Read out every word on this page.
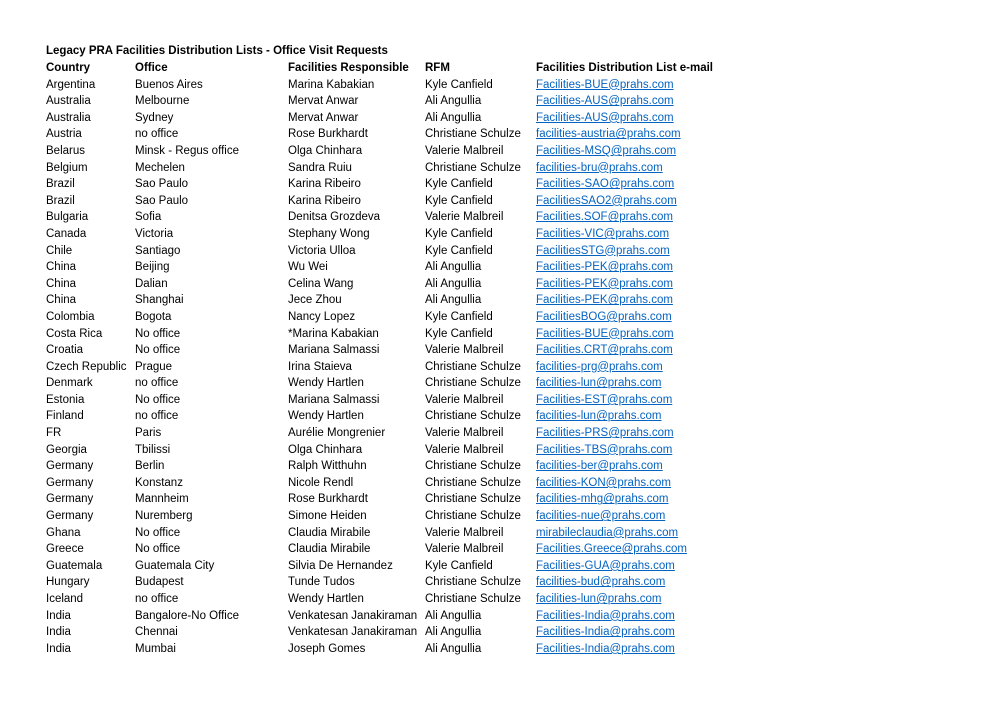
Legacy PRA Facilities Distribution Lists - Office Visit Requests
Country	Office	Facilities Responsible	RFM	Facilities Distribution List e-mail
Argentina	Buenos Aires	Marina Kabakian	Kyle Canfield	Facilities-BUE@prahs.com
Australia	Melbourne	Mervat Anwar	Ali Angullia	Facilities-AUS@prahs.com
Australia	Sydney	Mervat Anwar	Ali Angullia	Facilities-AUS@prahs.com
Austria	no office	Rose Burkhardt	Christiane Schulze	facilities-austria@prahs.com
Belarus	Minsk - Regus office	Olga Chinhara	Valerie Malbreil	Facilities-MSQ@prahs.com
Belgium	Mechelen	Sandra Ruiu	Christiane Schulze	facilities-bru@prahs.com
Brazil	Sao Paulo	Karina Ribeiro	Kyle Canfield	Facilities-SAO@prahs.com
Brazil	Sao Paulo	Karina Ribeiro	Kyle Canfield	FacilitiesSAO2@prahs.com
Bulgaria	Sofia	Denitsa Grozdeva	Valerie Malbreil	Facilities.SOF@prahs.com
Canada	Victoria	Stephany Wong	Kyle Canfield	Facilities-VIC@prahs.com
Chile	Santiago	Victoria Ulloa	Kyle Canfield	FacilitiesSTG@prahs.com
China	Beijing	Wu Wei	Ali Angullia	Facilities-PEK@prahs.com
China	Dalian	Celina Wang	Ali Angullia	Facilities-PEK@prahs.com
China	Shanghai	Jece Zhou	Ali Angullia	Facilities-PEK@prahs.com
Colombia	Bogota	Nancy Lopez	Kyle Canfield	FacilitiesBOG@prahs.com
Costa Rica	No office	*Marina Kabakian	Kyle Canfield	Facilities-BUE@prahs.com
Croatia	No office	Mariana Salmassi	Valerie Malbreil	Facilities.CRT@prahs.com
Czech Republic	Prague	Irina Staieva	Christiane Schulze	facilities-prg@prahs.com
Denmark	no office	Wendy Hartlen	Christiane Schulze	facilities-lun@prahs.com
Estonia	No office	Mariana Salmassi	Valerie Malbreil	Facilities-EST@prahs.com
Finland	no office	Wendy Hartlen	Christiane Schulze	facilities-lun@prahs.com
FR	Paris	Aurélie Mongrenier	Valerie Malbreil	Facilities-PRS@prahs.com
Georgia	Tbilissi	Olga Chinhara	Valerie Malbreil	Facilities-TBS@prahs.com
Germany	Berlin	Ralph Witthuhn	Christiane Schulze	facilities-ber@prahs.com
Germany	Konstanz	Nicole Rendl	Christiane Schulze	facilities-KON@prahs.com
Germany	Mannheim	Rose Burkhardt	Christiane Schulze	facilities-mhg@prahs.com
Germany	Nuremberg	Simone Heiden	Christiane Schulze	facilities-nue@prahs.com
Ghana	No office	Claudia Mirabile	Valerie Malbreil	mirabileclaudia@prahs.com
Greece	No office	Claudia Mirabile	Valerie Malbreil	Facilities.Greece@prahs.com
Guatemala	Guatemala City	Silvia De Hernandez	Kyle Canfield	Facilities-GUA@prahs.com
Hungary	Budapest	Tunde Tudos	Christiane Schulze	facilities-bud@prahs.com
Iceland	no office	Wendy Hartlen	Christiane Schulze	facilities-lun@prahs.com
India	Bangalore-No Office	Venkatesan Janakiraman	Ali Angullia	Facilities-India@prahs.com
India	Chennai	Venkatesan Janakiraman	Ali Angullia	Facilities-India@prahs.com
India	Mumbai	Joseph Gomes	Ali Angullia	Facilities-India@prahs.com
